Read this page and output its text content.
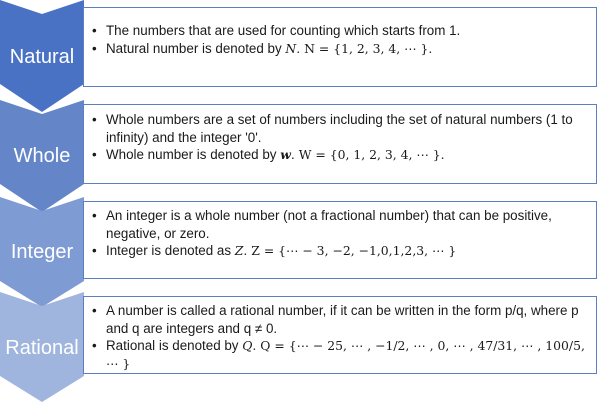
Natural
• The numbers that are used for counting which starts from 1.
• Natural number is denoted by N. N = {1, 2, 3, 4, ⋯ }.
Whole
• Whole numbers are a set of numbers including the set of natural numbers (1 to infinity) and the integer '0'.
• Whole number is denoted by w. W = {0, 1, 2, 3, 4, ⋯ }.
Integer
• An integer is a whole number (not a fractional number) that can be positive, negative, or zero.
• Integer is denoted as Z. Z = {⋯ − 3, −2, −1,0,1,2,3, ⋯ }
Rational
• A number is called a rational number, if it can be written in the form p/q, where p and q are integers and q ≠ 0.
• Rational is denoted by Q. Q = {⋯ − 25, ⋯ , −1/2, ⋯ , 0, ⋯ , 47/31, ⋯ , 100/5, ⋯ }
